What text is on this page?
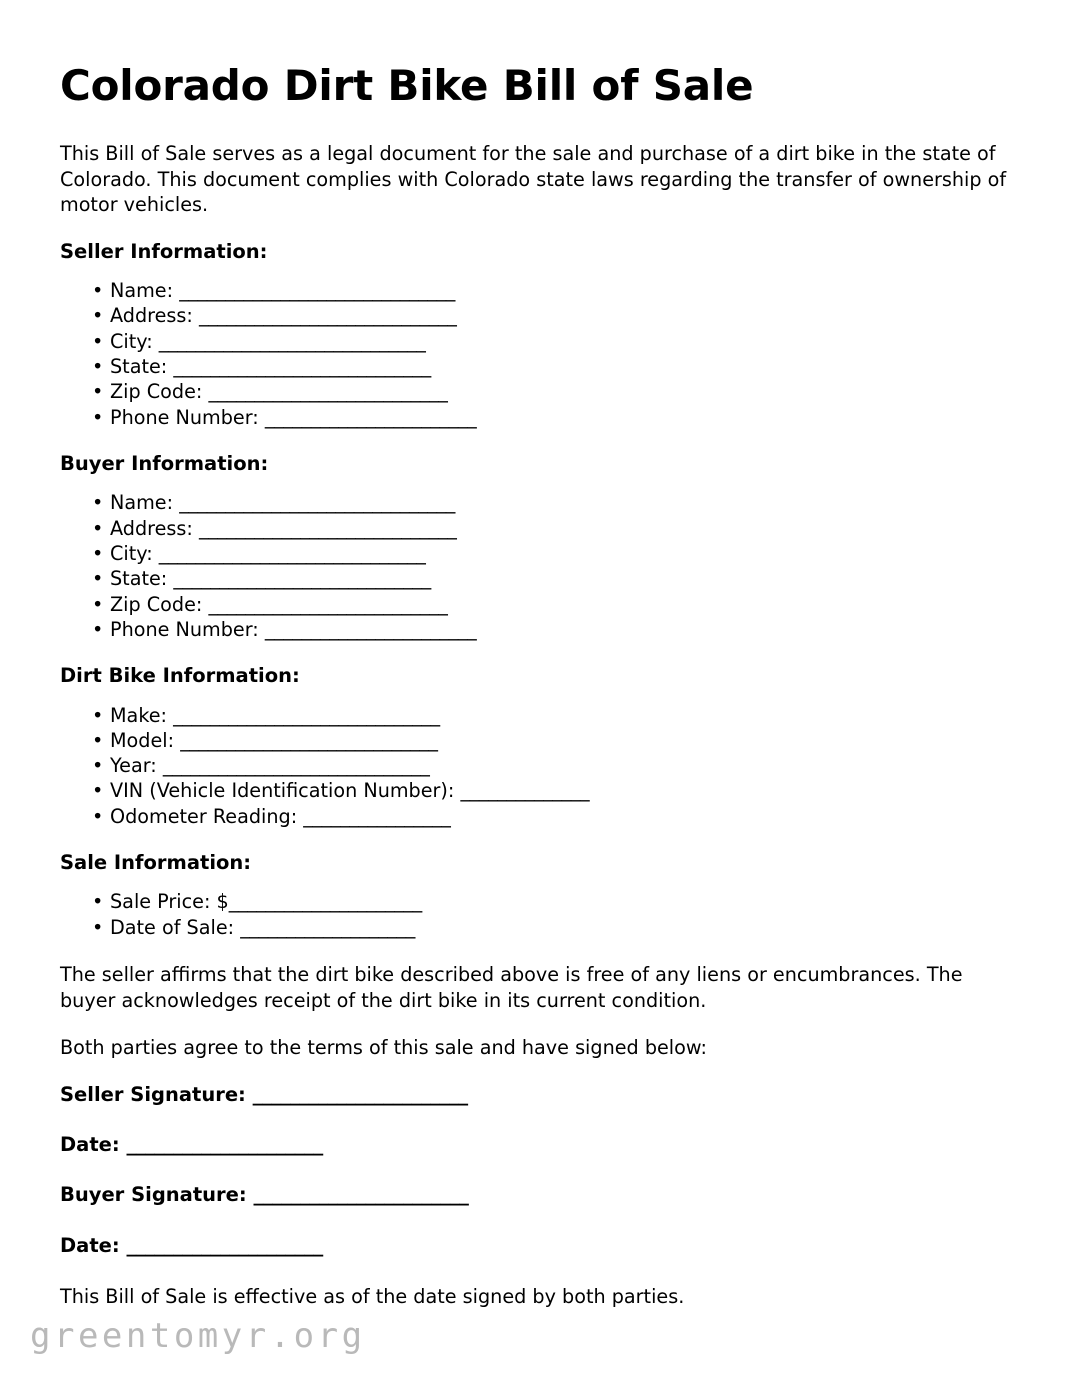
Colorado Dirt Bike Bill of Sale

This Bill of Sale serves as a legal document for the sale and purchase of a dirt bike in the state of Colorado. This document complies with Colorado state laws regarding the transfer of ownership of motor vehicles.

Seller Information:
• Name: ______________________________
• Address: ____________________________
• City: _____________________________
• State: ____________________________
• Zip Code: __________________________
• Phone Number: _______________________
Buyer Information:
• Name: ______________________________
• Address: ____________________________
• City: _____________________________
• State: ____________________________
• Zip Code: __________________________
• Phone Number: _______________________
Dirt Bike Information:
• Make: _____________________________
• Model: ____________________________
• Year: _____________________________
• VIN (Vehicle Identification Number): ______________
• Odometer Reading: ________________
Sale Information:
• Sale Price: $_____________________
• Date of Sale: ___________________

The seller affirms that the dirt bike described above is free of any liens or encumbrances. The buyer acknowledges receipt of the dirt bike in its current condition.

Both parties agree to the terms of this sale and have signed below:

Seller Signature: _______________________
Date: _____________________
Buyer Signature: _______________________
Date: _____________________

This Bill of Sale is effective as of the date signed by both parties.

greentomyr.org
